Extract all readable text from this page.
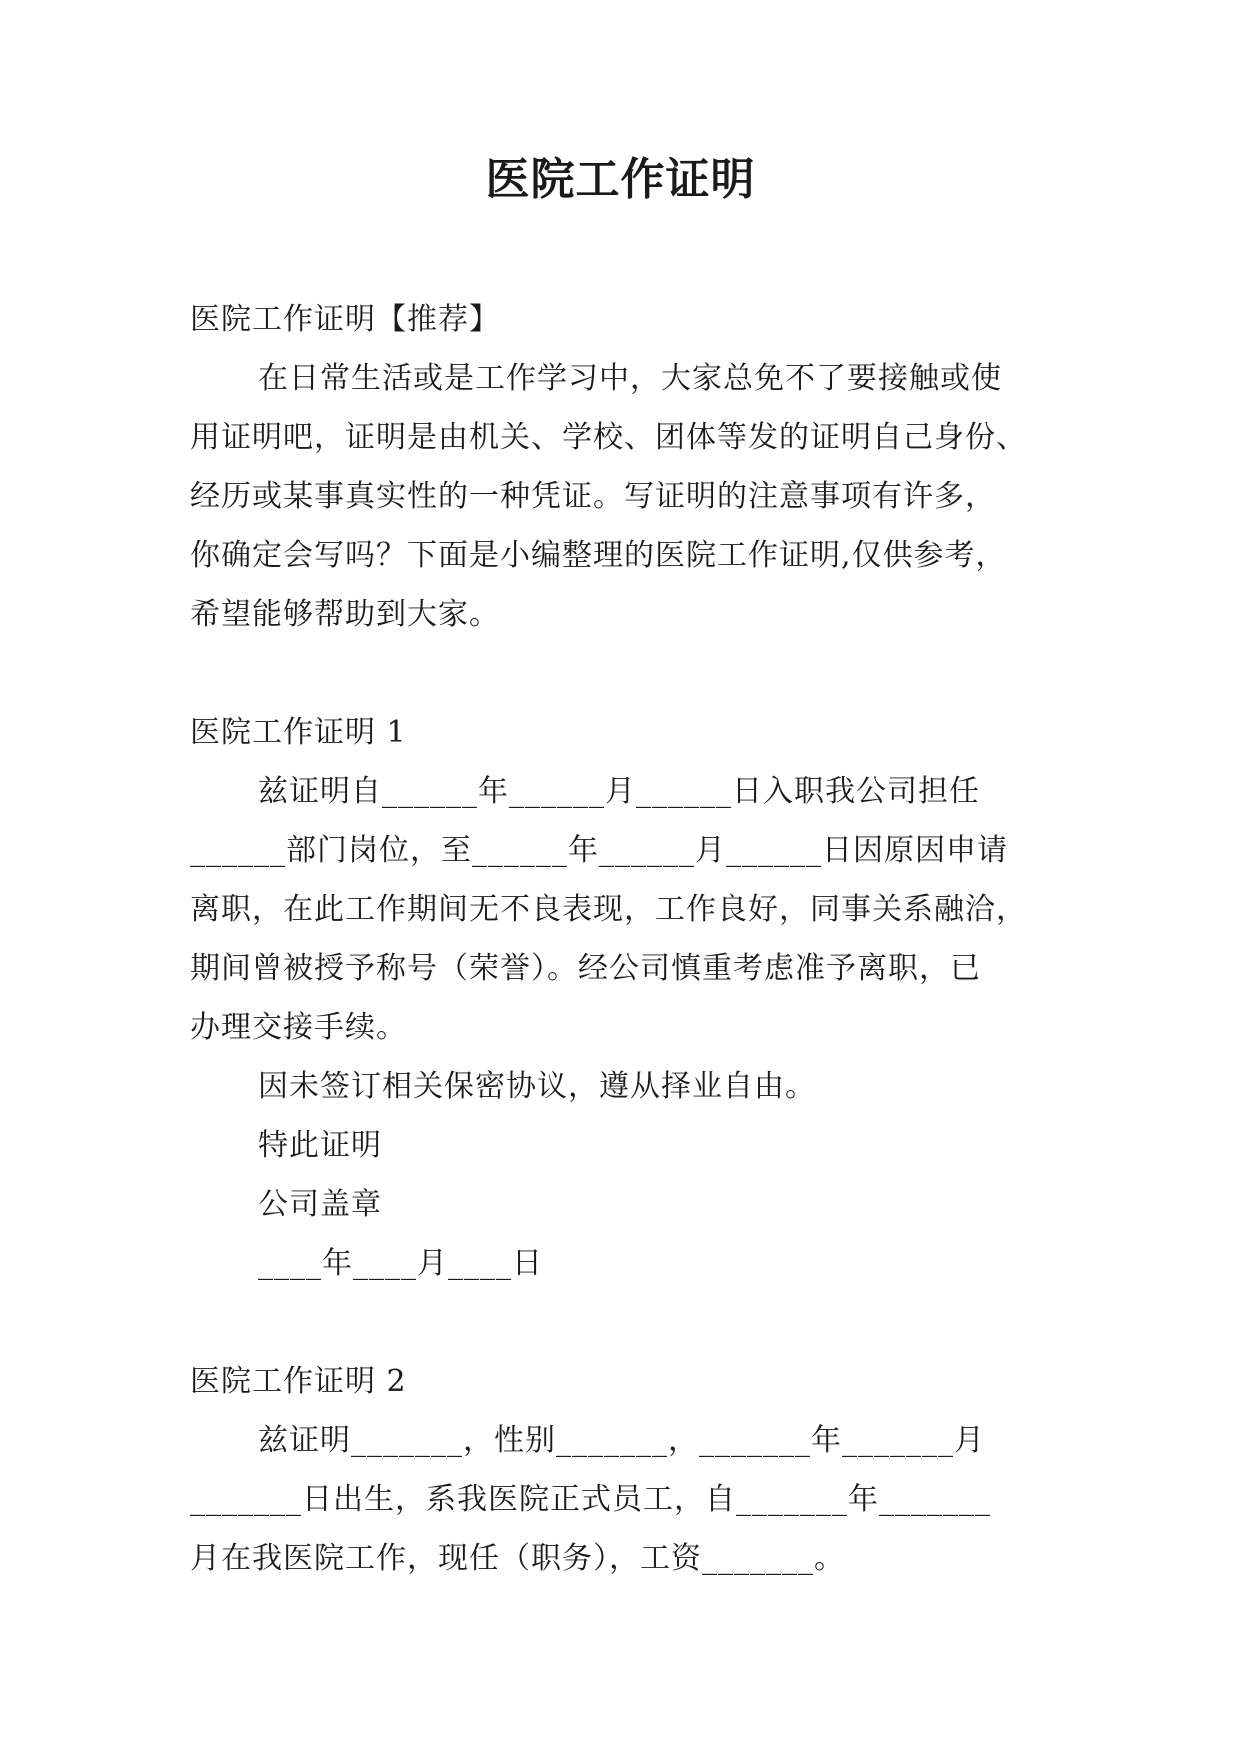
医院工作证明

医院工作证明【推荐】

在日常生活或是工作学习中，大家总免不了要接触或使

用证明吧，证明是由机关、学校、团体等发的证明自己身份、

经历或某事真实性的一种凭证。写证明的注意事项有许多，

你确定会写吗？下面是小编整理的医院工作证明,仅供参考，

希望能够帮助到大家。

医院工作证明 1

兹证明自______年______月______日入职我公司担任

______部门岗位，至______年______月______日因原因申请

离职，在此工作期间无不良表现，工作良好，同事关系融洽，

期间曾被授予称号（荣誉）。经公司慎重考虑准予离职，已

办理交接手续。

因未签订相关保密协议，遵从择业自由。

特此证明

公司盖章

____年____月____日

医院工作证明 2

兹证明_______，性别_______，_______年_______月

_______日出生，系我医院正式员工，自_______年_______

月在我医院工作，现任（职务），工资_______。
